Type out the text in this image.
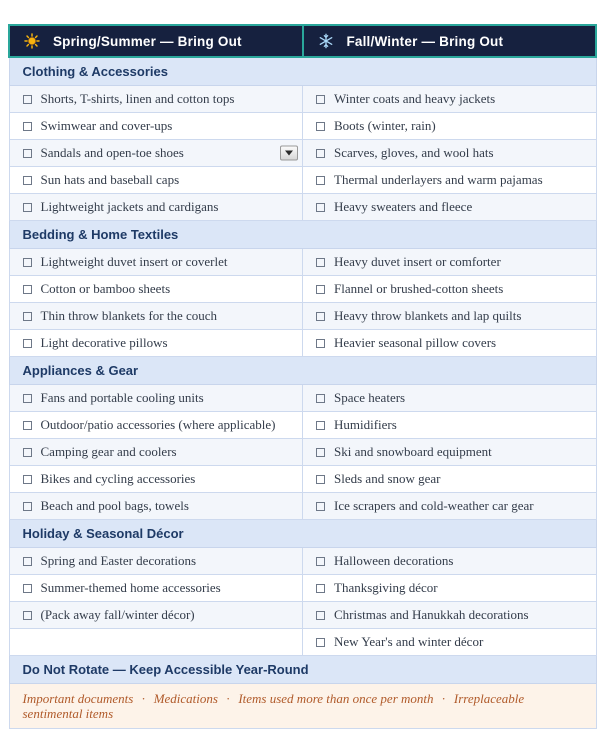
Spring/Summer — Bring Out	Fall/Winter — Bring Out
Clothing & Accessories	
Shorts, T-shirts, linen and cotton tops	Winter coats and heavy jackets
Swimwear and cover-ups	Boots (winter, rain)
Sandals and open-toe shoes	Scarves, gloves, and wool hats
Sun hats and baseball caps	Thermal underlayers and warm pajamas
Lightweight jackets and cardigans	Heavy sweaters and fleece
Bedding & Home Textiles	
Lightweight duvet insert or coverlet	Heavy duvet insert or comforter
Cotton or bamboo sheets	Flannel or brushed-cotton sheets
Thin throw blankets for the couch	Heavy throw blankets and lap quilts
Light decorative pillows	Heavier seasonal pillow covers
Appliances & Gear	
Fans and portable cooling units	Space heaters
Outdoor/patio accessories (where applicable)	Humidifiers
Camping gear and coolers	Ski and snowboard equipment
Bikes and cycling accessories	Sleds and snow gear
Beach and pool bags, towels	Ice scrapers and cold-weather car gear
Holiday & Seasonal Décor	
Spring and Easter decorations	Halloween decorations
Summer-themed home accessories	Thanksgiving décor
(Pack away fall/winter décor)	Christmas and Hanukkah decorations
	New Year's and winter décor
Do Not Rotate — Keep Accessible Year-Round	
Important documents · Medications · Items used more than once per month · Irreplaceable sentimental items	
